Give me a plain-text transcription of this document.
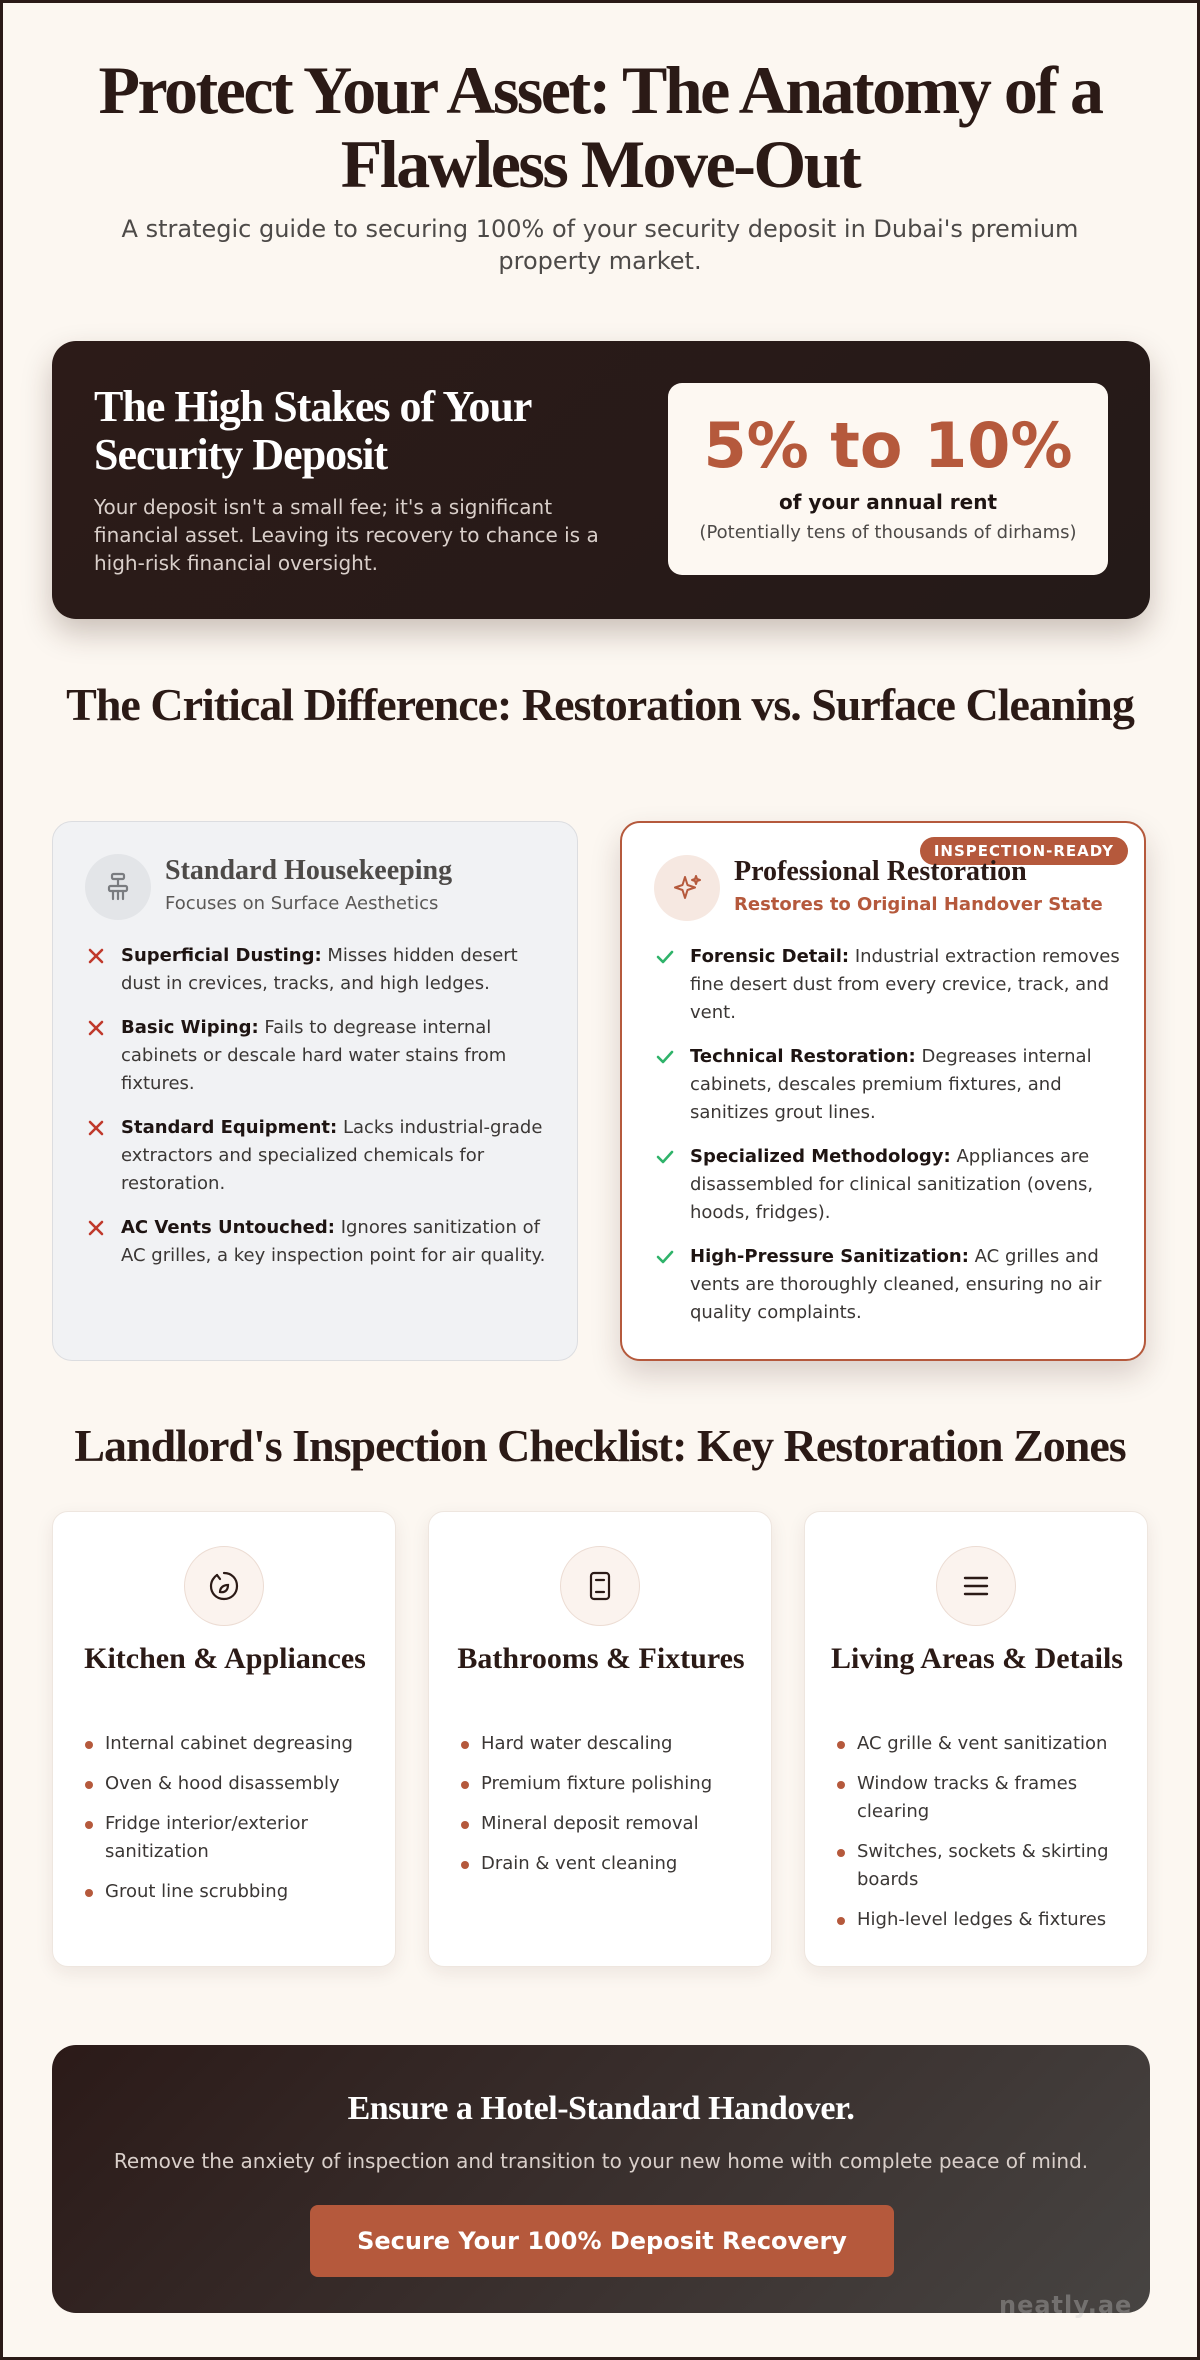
Protect Your Asset: The Anatomy of a Flawless Move-Out

A strategic guide to securing 100% of your security deposit in Dubai's premium property market.

The High Stakes of Your Security Deposit

Your deposit isn't a small fee; it's a significant financial asset. Leaving its recovery to chance is a high-risk financial oversight.

5% to 10%
of your annual rent
(Potentially tens of thousands of dirhams)
The Critical Difference: Restoration vs. Surface Cleaning
Standard Housekeeping
Focuses on Surface Aesthetics
Superficial Dusting: Misses hidden desert dust in crevices, tracks, and high ledges.
Basic Wiping: Fails to degrease internal cabinets or descale hard water stains from fixtures.
Standard Equipment: Lacks industrial-grade extractors and specialized chemicals for restoration.
AC Vents Untouched: Ignores sanitization of AC grilles, a key inspection point for air quality.
INSPECTION-READY
Professional Restoration
Restores to Original Handover State
Forensic Detail: Industrial extraction removes fine desert dust from every crevice, track, and vent.
Technical Restoration: Degreases internal cabinets, descales premium fixtures, and sanitizes grout lines.
Specialized Methodology: Appliances are disassembled for clinical sanitization (ovens, hoods, fridges).
High-Pressure Sanitization: AC grilles and vents are thoroughly cleaned, ensuring no air quality complaints.
Landlord's Inspection Checklist: Key Restoration Zones
Kitchen & Appliances
Internal cabinet degreasing
Oven & hood disassembly
Fridge interior/exterior sanitization
Grout line scrubbing
Bathrooms & Fixtures
Hard water descaling
Premium fixture polishing
Mineral deposit removal
Drain & vent cleaning
Living Areas & Details
AC grille & vent sanitization
Window tracks & frames clearing
Switches, sockets & skirting boards
High-level ledges & fixtures
Ensure a Hotel-Standard Handover.

Remove the anxiety of inspection and transition to your new home with complete peace of mind.

Secure Your 100% Deposit Recovery
neatly.ae
